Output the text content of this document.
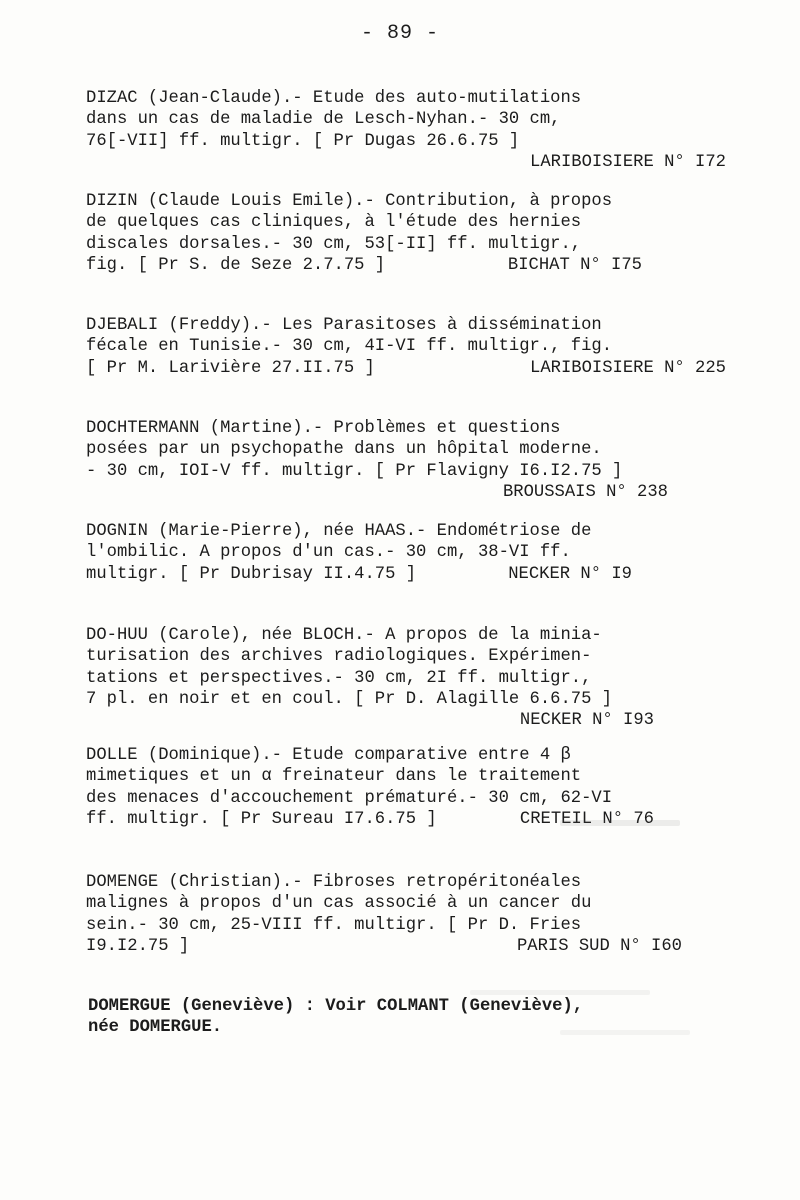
- 89 -
DIZAC (Jean-Claude).- Etude des auto-mutilations
dans un cas de maladie de Lesch-Nyhan.- 30 cm,
76[-VII] ff. multigr. [ Pr Dugas 26.6.75 ]
LARIBOISIERE N° I72
DIZIN (Claude Louis Emile).- Contribution, à propos
de quelques cas cliniques, à l'étude des hernies
discales dorsales.- 30 cm, 53[-II] ff. multigr.,
fig. [ Pr S. de Seze 2.7.75 ]	BICHAT N° I75
DJEBALI (Freddy).- Les Parasitoses à dissémination
fécale en Tunisie.- 30 cm, 4I-VI ff. multigr., fig.
[ Pr M. Larivière 27.II.75 ]	LARIBOISIERE N° 225
DOCHTERMANN (Martine).- Problèmes et questions
posées par un psychopathe dans un hôpital moderne.
- 30 cm, IOI-V ff. multigr. [ Pr Flavigny I6.I2.75 ]
BROUSSAIS N° 238
DOGNIN (Marie-Pierre), née HAAS.- Endométriose de
l'ombilic. A propos d'un cas.- 30 cm, 38-VI ff.
multigr. [ Pr Dubrisay II.4.75 ]	NECKER N° I9
DO-HUU (Carole), née BLOCH.- A propos de la minia-
turisation des archives radiologiques. Expérimen-
tations et perspectives.- 30 cm, 2I ff. multigr.,
7 pl. en noir et en coul. [ Pr D. Alagille 6.6.75 ]
NECKER N° I93
DOLLE (Dominique).- Etude comparative entre 4 β
mimetiques et un α freinateur dans le traitement
des menaces d'accouchement prématuré.- 30 cm, 62-VI
ff. multigr. [ Pr Sureau I7.6.75 ]	CRETEIL N° 76
DOMENGE (Christian).- Fibroses retropéritonéales
malignes à propos d'un cas associé à un cancer du
sein.- 30 cm, 25-VIII ff. multigr. [ Pr D. Fries
I9.I2.75 ]	PARIS SUD N° I60
DOMERGUE (Geneviève) : Voir COLMANT (Geneviève),
née DOMERGUE.
